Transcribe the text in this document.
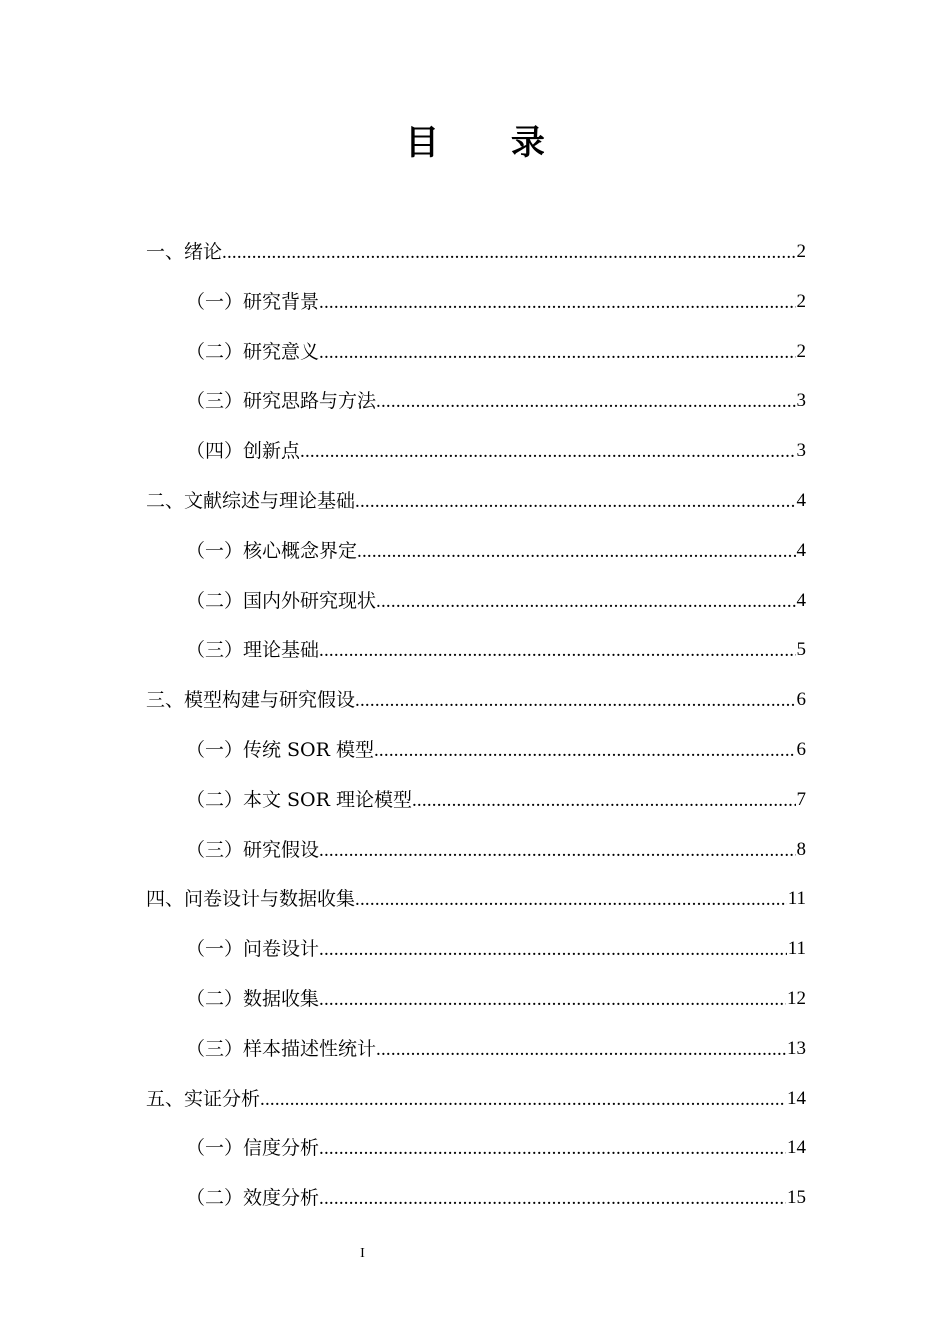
目 录
一、绪论 .....	2
（一）研究背景 .....	2
（二）研究意义 .....	2
（三）研究思路与方法 .....	3
（四）创新点 .....	3
二、文献综述与理论基础 .....	4
（一）核心概念界定 .....	4
（二）国内外研究现状 .....	4
（三）理论基础 .....	5
三、模型构建与研究假设 .....	6
（一）传统 SOR 模型 .....	6
（二）本文 SOR 理论模型 .....	7
（三）研究假设 .....	8
四、问卷设计与数据收集 .....	11
（一）问卷设计 .....	11
（二）数据收集 .....	12
（三）样本描述性统计 .....	13
五、实证分析 .....	14
（一）信度分析 .....	14
（二）效度分析 .....	15
I
